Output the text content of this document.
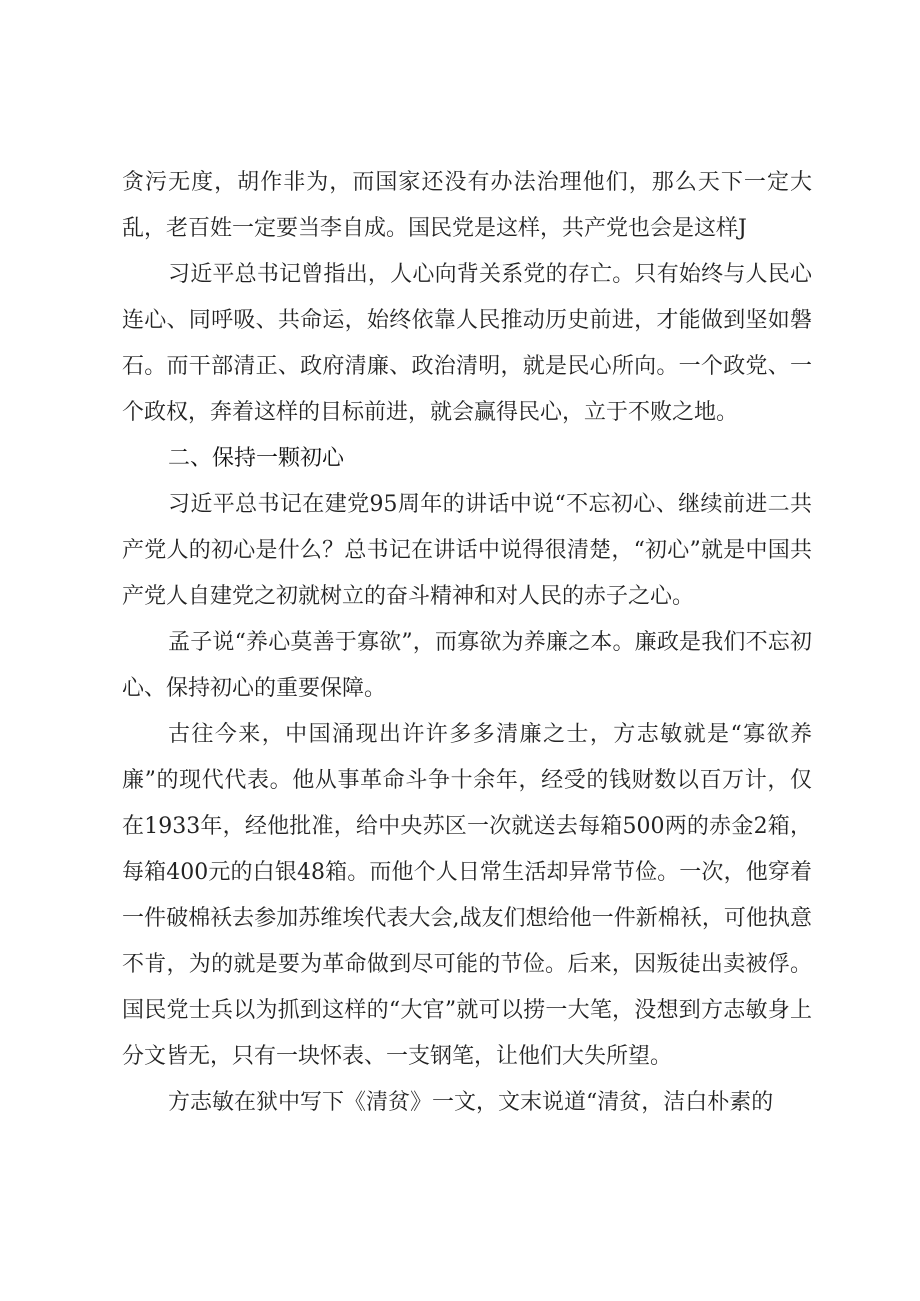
贪污无度，胡作非为，而国家还没有办法治理他们，那么天下一定大乱，老百姓一定要当李自成。国民党是这样，共产党也会是这样J

习近平总书记曾指出，人心向背关系党的存亡。只有始终与人民心连心、同呼吸、共命运，始终依靠人民推动历史前进，才能做到坚如磐石。而干部清正、政府清廉、政治清明，就是民心所向。一个政党、一个政权，奔着这样的目标前进，就会赢得民心，立于不败之地。

二、保持一颗初心

习近平总书记在建党95周年的讲话中说“不忘初心、继续前进二共产党人的初心是什么？总书记在讲话中说得很清楚，“初心”就是中国共产党人自建党之初就树立的奋斗精神和对人民的赤子之心。

孟子说“养心莫善于寡欲”，而寡欲为养廉之本。廉政是我们不忘初心、保持初心的重要保障。

古往今来，中国涌现出许许多多清廉之士，方志敏就是“寡欲养廉”的现代代表。他从事革命斗争十余年，经受的钱财数以百万计，仅在1933年，经他批准，给中央苏区一次就送去每箱500两的赤金2箱，每箱400元的白银48箱。而他个人日常生活却异常节俭。一次，他穿着一件破棉袄去参加苏维埃代表大会,战友们想给他一件新棉袄，可他执意不肯，为的就是要为革命做到尽可能的节俭。后来，因叛徒出卖被俘。国民党士兵以为抓到这样的“大官”就可以捞一大笔，没想到方志敏身上分文皆无，只有一块怀表、一支钢笔，让他们大失所望。

方志敏在狱中写下《清贫》一文，文末说道“清贫，洁白朴素的
